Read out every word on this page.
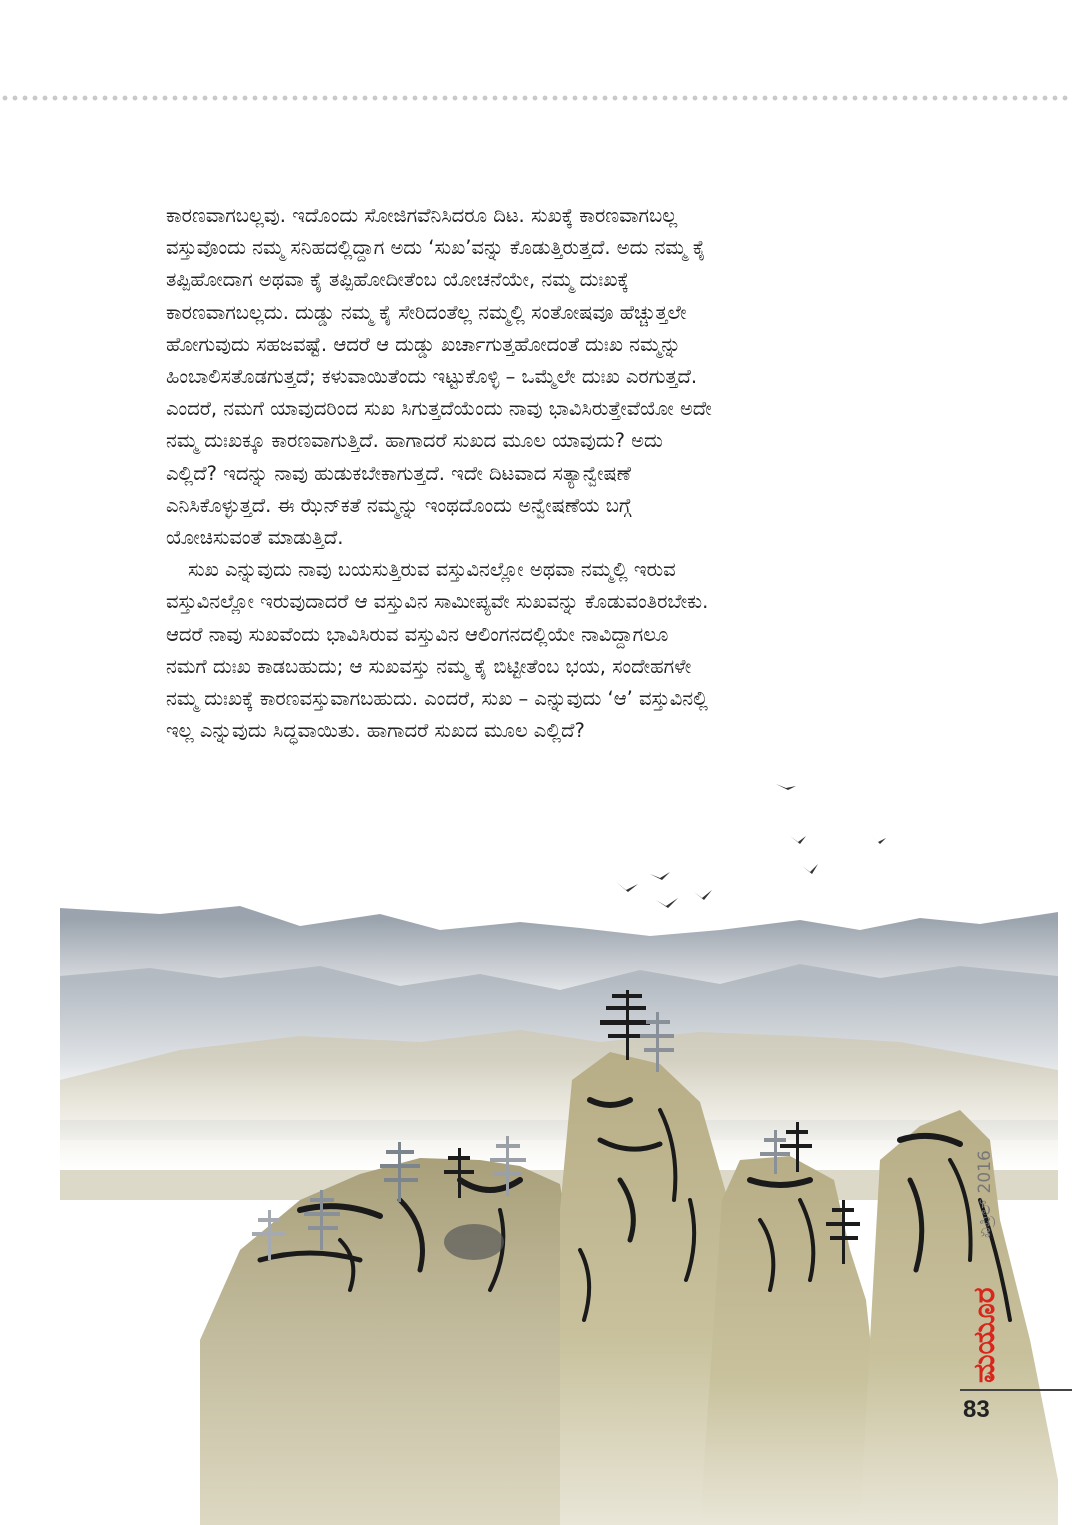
ಕಾರಣವಾಗಬಲ್ಲವು. ಇದೊಂದು ಸೋಜಿಗವೆನಿಸಿದರೂ ದಿಟ. ಸುಖಕ್ಕೆ ಕಾರಣವಾಗಬಲ್ಲ
ವಸ್ತುವೊಂದು ನಮ್ಮ ಸನಿಹದಲ್ಲಿದ್ದಾಗ ಅದು ‘ಸುಖ’ವನ್ನು ಕೊಡುತ್ತಿರುತ್ತದೆ. ಅದು ನಮ್ಮ ಕೈ
ತಪ್ಪಿಹೋದಾಗ ಅಥವಾ ಕೈ ತಪ್ಪಿಹೋದೀತೆಂಬ ಯೋಚನೆಯೇ, ನಮ್ಮ ದುಃಖಕ್ಕೆ
ಕಾರಣವಾಗಬಲ್ಲದು. ದುಡ್ಡು ನಮ್ಮ ಕೈ ಸೇರಿದಂತೆಲ್ಲ ನಮ್ಮಲ್ಲಿ ಸಂತೋಷವೂ ಹೆಚ್ಚುತ್ತಲೇ
ಹೋಗುವುದು ಸಹಜವಷ್ಟೆ. ಆದರೆ ಆ ದುಡ್ಡು ಖರ್ಚಾಗುತ್ತಹೋದಂತೆ ದುಃಖ ನಮ್ಮನ್ನು
ಹಿಂಬಾಲಿಸತೊಡಗುತ್ತದೆ; ಕಳುವಾಯಿತೆಂದು ಇಟ್ಟುಕೊಳ್ಳಿ – ಒಮ್ಮೆಲೇ ದುಃಖ ಎರಗುತ್ತದೆ.
ಎಂದರೆ, ನಮಗೆ ಯಾವುದರಿಂದ ಸುಖ ಸಿಗುತ್ತದೆಯೆಂದು ನಾವು ಭಾವಿಸಿರುತ್ತೇವೆಯೋ ಅದೇ
ನಮ್ಮ ದುಃಖಕ್ಕೂ ಕಾರಣವಾಗುತ್ತಿದೆ. ಹಾಗಾದರೆ ಸುಖದ ಮೂಲ ಯಾವುದು? ಅದು
ಎಲ್ಲಿದೆ? ಇದನ್ನು ನಾವು ಹುಡುಕಬೇಕಾಗುತ್ತದೆ. ಇದೇ ದಿಟವಾದ ಸತ್ಯಾನ್ವೇಷಣೆ
ಎನಿಸಿಕೊಳ್ಳುತ್ತದೆ. ಈ ಝೆನ್‌ಕತೆ ನಮ್ಮನ್ನು ಇಂಥದೊಂದು ಅನ್ವೇಷಣೆಯ ಬಗ್ಗೆ
ಯೋಚಿಸುವಂತೆ ಮಾಡುತ್ತಿದೆ.

ಸುಖ ಎನ್ನುವುದು ನಾವು ಬಯಸುತ್ತಿರುವ ವಸ್ತುವಿನಲ್ಲೋ ಅಥವಾ ನಮ್ಮಲ್ಲಿ ಇರುವ
ವಸ್ತುವಿನಲ್ಲೋ ಇರುವುದಾದರೆ ಆ ವಸ್ತುವಿನ ಸಾಮೀಪ್ಯವೇ ಸುಖವನ್ನು ಕೊಡುವಂತಿರಬೇಕು.
ಆದರೆ ನಾವು ಸುಖವೆಂದು ಭಾವಿಸಿರುವ ವಸ್ತುವಿನ ಆಲಿಂಗನದಲ್ಲಿಯೇ ನಾವಿದ್ದಾಗಲೂ
ನಮಗೆ ದುಃಖ ಕಾಡಬಹುದು; ಆ ಸುಖವಸ್ತು ನಮ್ಮ ಕೈ ಬಿಟ್ಟೀತೆಂಬ ಭಯ, ಸಂದೇಹಗಳೇ
ನಮ್ಮ ದುಃಖಕ್ಕೆ ಕಾರಣವಸ್ತುವಾಗಬಹುದು. ಎಂದರೆ, ಸುಖ – ಎನ್ನುವುದು ‘ಆ’ ವಸ್ತುವಿನಲ್ಲಿ
ಇಲ್ಲ ಎನ್ನುವುದು ಸಿದ್ಧವಾಯಿತು. ಹಾಗಾದರೆ ಸುಖದ ಮೂಲ ಎಲ್ಲಿದೆ?

ಏಪ್ರಿಲ್ 2016
ಮಯೂರ
83
